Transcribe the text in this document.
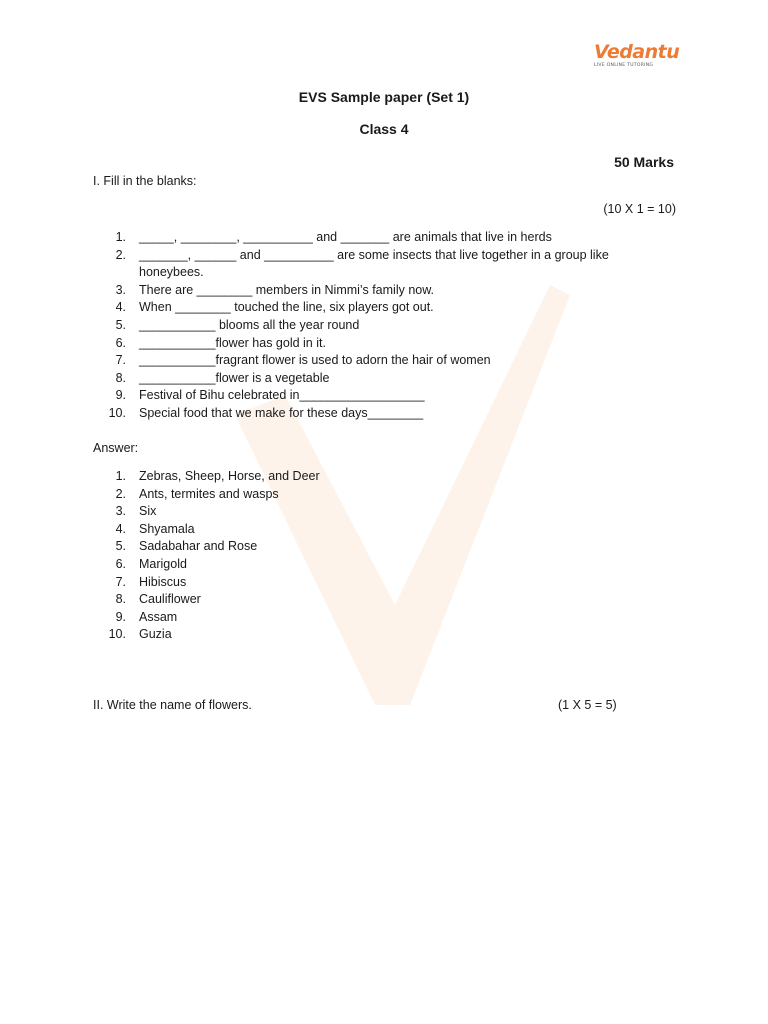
Vedantu
LIVE ONLINE TUTORING
EVS Sample paper (Set 1)
Class 4
50 Marks
I. Fill in the blanks:
(10 X 1 = 10)
1. _____, ________, __________ and _______ are animals that live in herds
2. _______, ______ and __________ are some insects that live together in a group like
honeybees.
3. There are ________ members in Nimmi’s family now.
4. When ________ touched the line, six players got out.
5. ___________ blooms all the year round
6. ___________flower has gold in it.
7. ___________fragrant flower is used to adorn the hair of women
8. ___________flower is a vegetable
9. Festival of Bihu celebrated in__________________
10. Special food that we make for these days________
Answer:
1. Zebras, Sheep, Horse, and Deer
2. Ants, termites and wasps
3. Six
4. Shyamala
5. Sadabahar and Rose
6. Marigold
7. Hibiscus
8. Cauliflower
9. Assam
10. Guzia
II. Write the name of flowers.	(1 X 5 = 5)
